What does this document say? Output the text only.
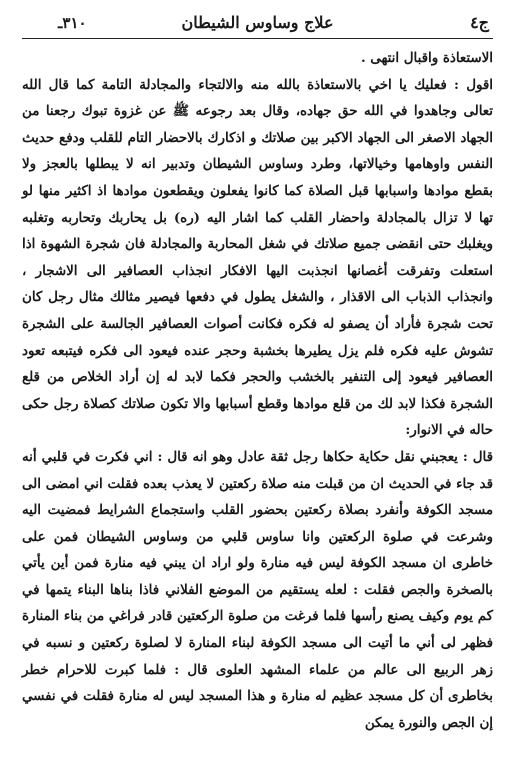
ج٤
علاج وساوس الشيطان
٣١٠ـ

الاستعاذة واقبال انتهى .

اقول : فعليك يا اخي بالاستعاذة بالله منه والالتجاء والمجادلة التامة كما قال الله تعالى وجاهدوا في الله حق جهاده، وقال بعد رجوعه ﷺ عن غزوة تبوك رجعنا من الجهاد الاصغر الى الجهاد الاكبر بين صلاتك و اذكارك بالاحضار التام للقلب ودفع حديث النفس واوهامها وخيالاتها، وطرد وساوس الشيطان وتدبير انه لا يبطلها بالعجز ولا بقطع موادها واسبابها قبل الصلاة كما كانوا يفعلون ويقطعون موادها اذ اكثير منها لو تها لا تزال بالمجادلة واحضار القلب كما اشار اليه (ره) بل يحاربك وتحاربه وتغلبه ويغلبك حتى انقضى جميع صلاتك في شغل المحاربة والمجادلة فان شجرة الشهوة اذا استعلت وتفرقت أغصانها انجذبت اليها الافكار انجذاب العصافير الى الاشجار ، وانجذاب الذباب الى الاقذار ، والشغل يطول في دفعها فيصير مثالك مثال رجل كان تحت شجرة فأراد أن يصفو له فكره فكانت أصوات العصافير الجالسة على الشجرة تشوش عليه فكره فلم يزل يطيرها بخشبة وحجر عنده فيعود الى فكره فيتبعه تعود العصافير فيعود إلى التنفير بالخشب والحجر فكما لابد له إن أراد الخلاص من قلع الشجرة فكذا لابد لك من قلع موادها وقطع أسبابها والا تكون صلاتك كصلاة رجل حكى حاله في الانوار:

قال : يعجبني نقل حكاية حكاها رجل ثقة عادل وهو انه قال : اني فكرت في قلبي أنه قد جاء في الحديث ان من قبلت منه صلاة ركعتين لا يعذب بعده فقلت اني امضى الى مسجد الكوفة وأنفرد بصلاة ركعتين بحضور القلب واستجماع الشرايط فمضيت اليه وشرعت في صلوة الركعتين وانا ساوس قلبي من وساوس الشيطان فمن على خاطرى ان مسجد الكوفة ليس فيه منارة ولو اراد ان يبني فيه منارة فمن أين يأتي بالصخرة والجص فقلت : لعله يستقيم من الموضع الفلاني فاذا بناها البناء يتمها في كم يوم وكيف يصنع رأسها فلما فرغت من صلوة الركعتين قادر فراغي من بناء المنارة فظهر لى أني ما أتيت الى مسجد الكوفة لبناء المنارة لا لصلوة ركعتين و نسبه في زهر الربيع الى عالم من علماء المشهد العلوى قال : فلما كبرت للاحرام خطر بخاطرى أن كل مسجد عظيم له منارة و هذا المسجد ليس له منارة فقلت في نفسي إن الجص والنورة يمكن
